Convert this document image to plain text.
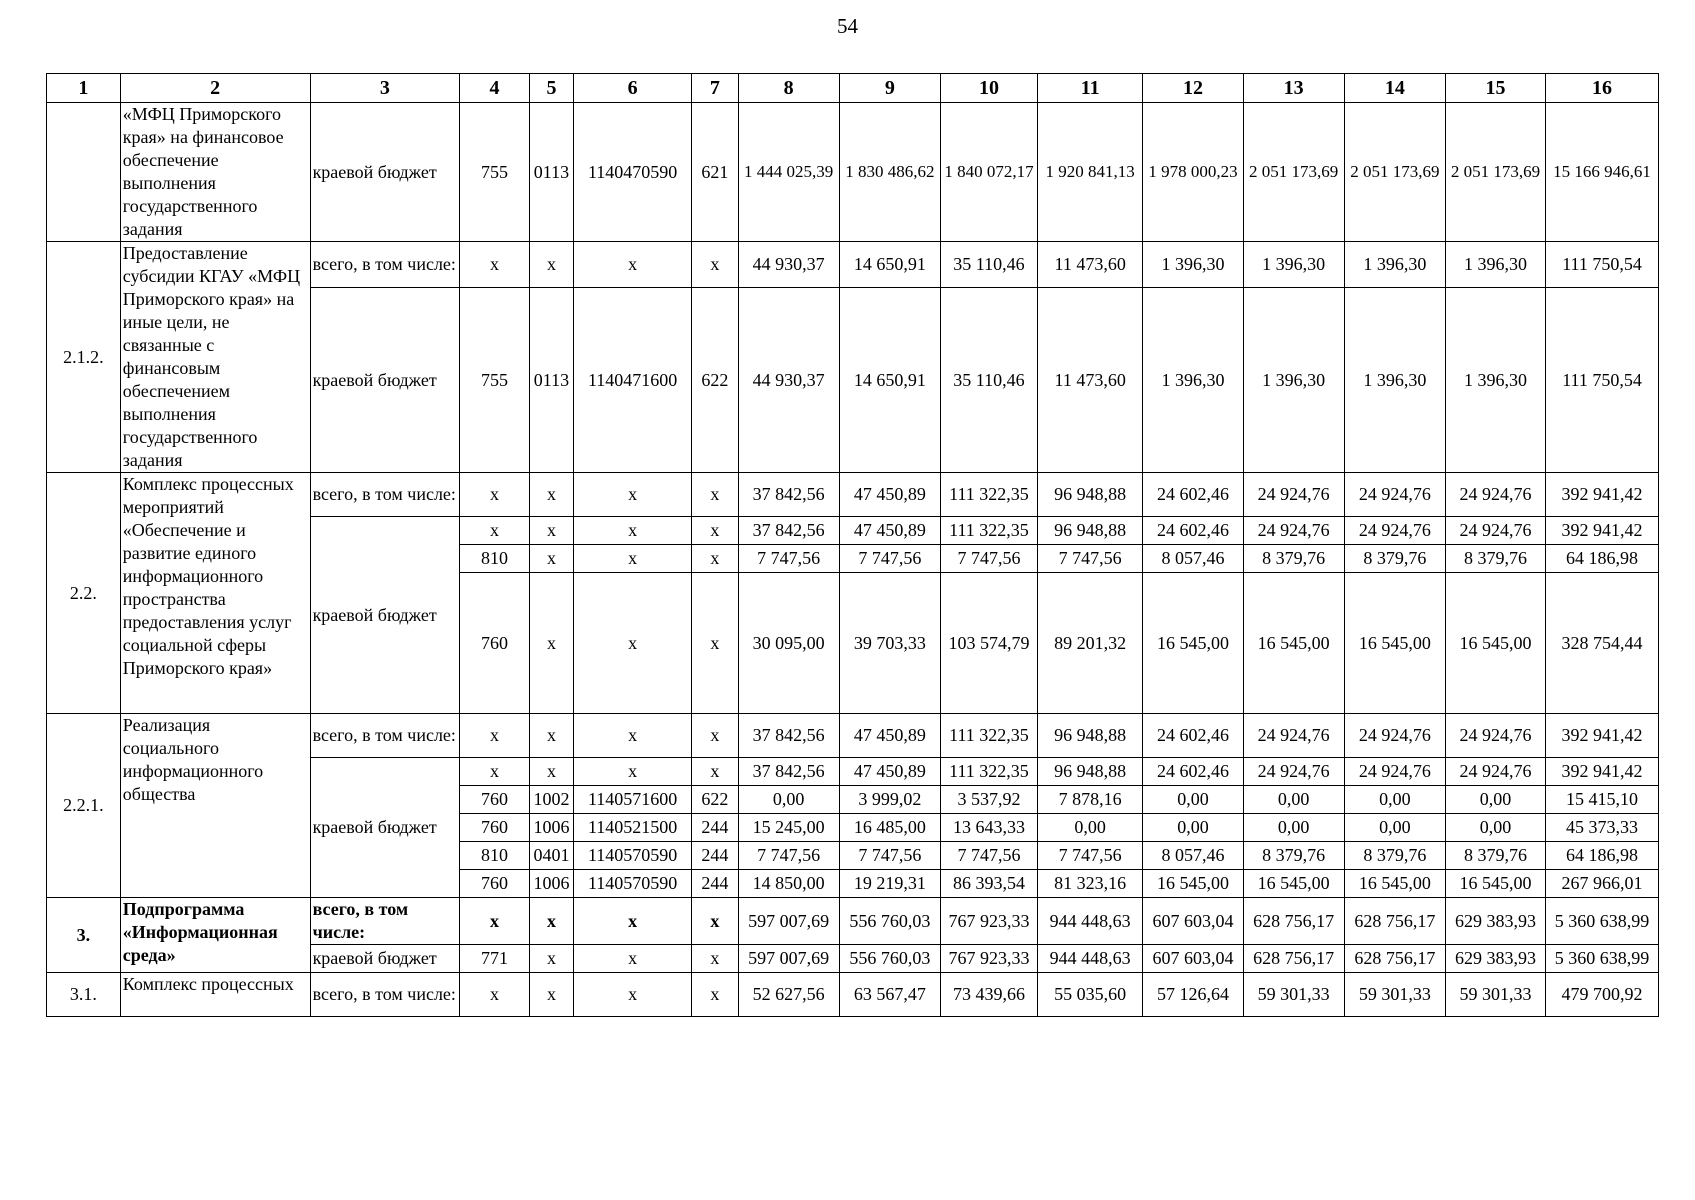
54
1	2	3	4	5	6	7	8	9	10	11	12	13	14	15	16
	«МФЦ Приморского края» на финансовое обеспечение выполнения государственного задания	краевой бюджет	755	0113	1140470590	621	1 444 025,39	1 830 486,62	1 840 072,17	1 920 841,13	1 978 000,23	2 051 173,69	2 051 173,69	2 051 173,69	15 166 946,61
2.1.2.	Предоставление субсидии КГАУ «МФЦ Приморского края» на иные цели, не связанные с финансовым обеспечением выполнения государственного задания	всего, в том числе:	x	x	x	x	44 930,37	14 650,91	35 110,46	11 473,60	1 396,30	1 396,30	1 396,30	1 396,30	111 750,54
		краевой бюджет	755	0113	1140471600	622	44 930,37	14 650,91	35 110,46	11 473,60	1 396,30	1 396,30	1 396,30	1 396,30	111 750,54
2.2.	Комплекс процессных мероприятий «Обеспечение и развитие единого информационного пространства предоставления услуг социальной сферы Приморского края»	всего, в том числе:	x	x	x	x	37 842,56	47 450,89	111 322,35	96 948,88	24 602,46	24 924,76	24 924,76	24 924,76	392 941,42
		краевой бюджет	x	x	x	x	37 842,56	47 450,89	111 322,35	96 948,88	24 602,46	24 924,76	24 924,76	24 924,76	392 941,42
			810	x	x	x	7 747,56	7 747,56	7 747,56	7 747,56	8 057,46	8 379,76	8 379,76	8 379,76	64 186,98
			760	x	x	x	30 095,00	39 703,33	103 574,79	89 201,32	16 545,00	16 545,00	16 545,00	16 545,00	328 754,44
2.2.1.	Реализация социального информационного общества	всего, в том числе:	x	x	x	x	37 842,56	47 450,89	111 322,35	96 948,88	24 602,46	24 924,76	24 924,76	24 924,76	392 941,42
		краевой бюджет	x	x	x	x	37 842,56	47 450,89	111 322,35	96 948,88	24 602,46	24 924,76	24 924,76	24 924,76	392 941,42
			760	1002	1140571600	622	0,00	3 999,02	3 537,92	7 878,16	0,00	0,00	0,00	0,00	15 415,10
			760	1006	1140521500	244	15 245,00	16 485,00	13 643,33	0,00	0,00	0,00	0,00	0,00	45 373,33
			810	0401	1140570590	244	7 747,56	7 747,56	7 747,56	7 747,56	8 057,46	8 379,76	8 379,76	8 379,76	64 186,98
			760	1006	1140570590	244	14 850,00	19 219,31	86 393,54	81 323,16	16 545,00	16 545,00	16 545,00	16 545,00	267 966,01
3.	Подпрограмма «Информационная среда»	всего, в том числе:	x	x	x	x	597 007,69	556 760,03	767 923,33	944 448,63	607 603,04	628 756,17	628 756,17	629 383,93	5 360 638,99
		краевой бюджет	771	x	x	x	597 007,69	556 760,03	767 923,33	944 448,63	607 603,04	628 756,17	628 756,17	629 383,93	5 360 638,99
3.1.	Комплекс процессных	всего, в том числе:	x	x	x	x	52 627,56	63 567,47	73 439,66	55 035,60	57 126,64	59 301,33	59 301,33	59 301,33	479 700,92
